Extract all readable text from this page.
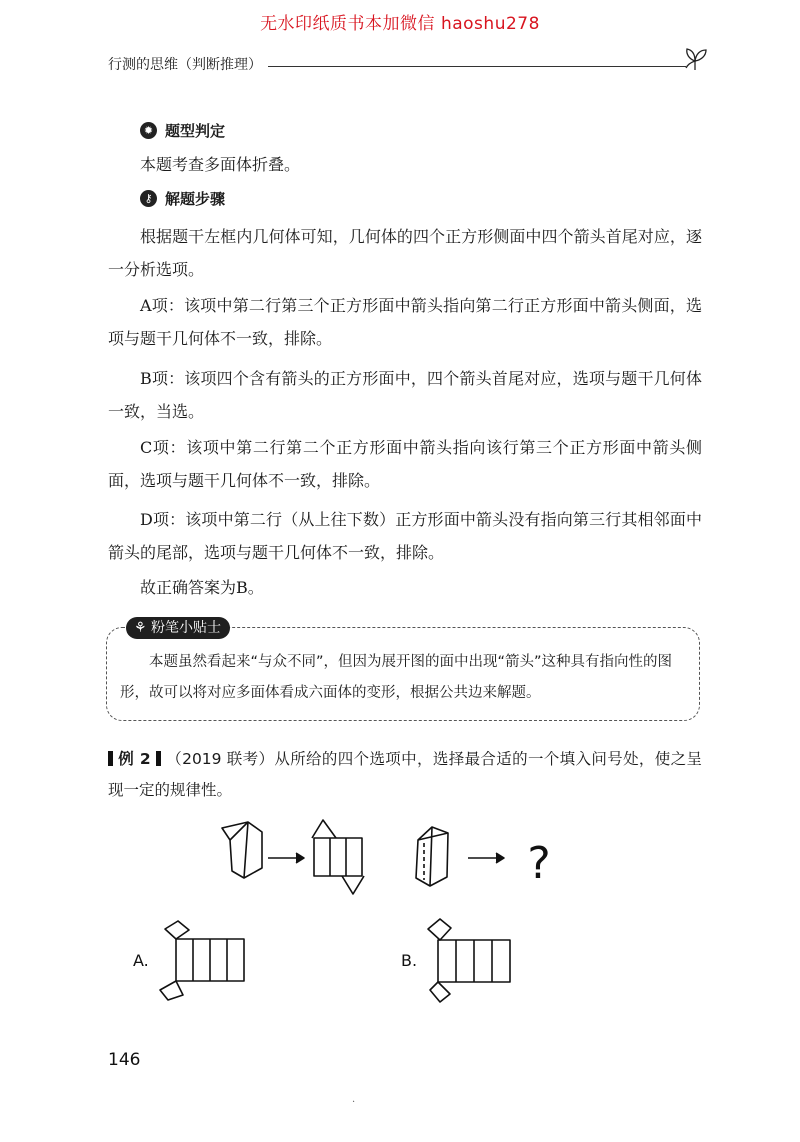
无水印纸质书本加微信 haoshu278
行测的思维（判断推理）
✹ 题型判定
本题考查多面体折叠。
⚷ 解题步骤
根据题干左框内几何体可知，几何体的四个正方形侧面中四个箭头首尾对应，逐一分析选项。
A项：该项中第二行第三个正方形面中箭头指向第二行正方形面中箭头侧面，选项与题干几何体不一致，排除。
B项：该项四个含有箭头的正方形面中，四个箭头首尾对应，选项与题干几何体一致，当选。
C项：该项中第二行第二个正方形面中箭头指向该行第三个正方形面中箭头侧面，选项与题干几何体不一致，排除。
D项：该项中第二行（从上往下数）正方形面中箭头没有指向第三行其相邻面中箭头的尾部，选项与题干几何体不一致，排除。
故正确答案为B。
⚘ 粉笔小贴士
本题虽然看起来“与众不同”，但因为展开图的面中出现“箭头”这种具有指向性的图形，故可以将对应多面体看成六面体的变形，根据公共边来解题。
例 2 （2019 联考）从所给的四个选项中，选择最合适的一个填入问号处，使之呈现一定的规律性。
?
A.	B.
146
·
